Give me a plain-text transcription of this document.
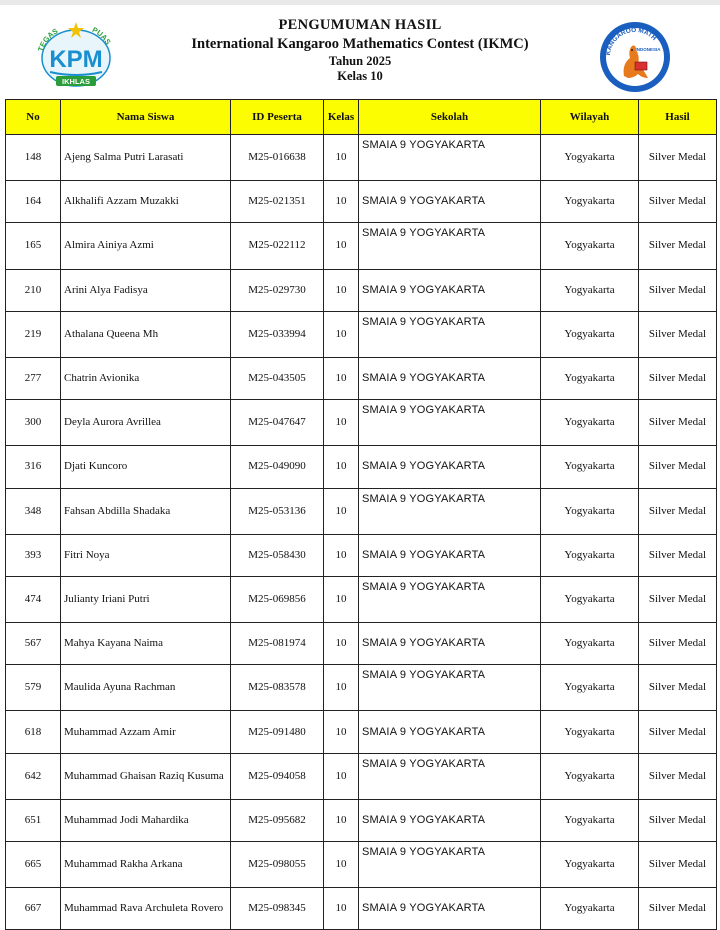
TEGAS	PUAS
KPM
IKHLAS
PENGUMUMAN HASIL
International Kangaroo Mathematics Contest (IKMC)
Tahun 2025
Kelas 10
KANGAROO MATH
INDONESIA
No	Nama Siswa	ID Peserta	Kelas	Sekolah	Wilayah	Hasil
148	Ajeng Salma Putri Larasati	M25-016638	10	SMAIA 9 YOGYAKARTA	Yogyakarta	Silver Medal
164	Alkhalifi Azzam Muzakki	M25-021351	10	SMAIA 9 YOGYAKARTA	Yogyakarta	Silver Medal
165	Almira Ainiya Azmi	M25-022112	10	SMAIA 9 YOGYAKARTA	Yogyakarta	Silver Medal
210	Arini Alya Fadisya	M25-029730	10	SMAIA 9 YOGYAKARTA	Yogyakarta	Silver Medal
219	Athalana Queena Mh	M25-033994	10	SMAIA 9 YOGYAKARTA	Yogyakarta	Silver Medal
277	Chatrin Avionika	M25-043505	10	SMAIA 9 YOGYAKARTA	Yogyakarta	Silver Medal
300	Deyla Aurora Avrillea	M25-047647	10	SMAIA 9 YOGYAKARTA	Yogyakarta	Silver Medal
316	Djati Kuncoro	M25-049090	10	SMAIA 9 YOGYAKARTA	Yogyakarta	Silver Medal
348	Fahsan Abdilla Shadaka	M25-053136	10	SMAIA 9 YOGYAKARTA	Yogyakarta	Silver Medal
393	Fitri Noya	M25-058430	10	SMAIA 9 YOGYAKARTA	Yogyakarta	Silver Medal
474	Julianty Iriani Putri	M25-069856	10	SMAIA 9 YOGYAKARTA	Yogyakarta	Silver Medal
567	Mahya Kayana Naima	M25-081974	10	SMAIA 9 YOGYAKARTA	Yogyakarta	Silver Medal
579	Maulida Ayuna Rachman	M25-083578	10	SMAIA 9 YOGYAKARTA	Yogyakarta	Silver Medal
618	Muhammad Azzam Amir	M25-091480	10	SMAIA 9 YOGYAKARTA	Yogyakarta	Silver Medal
642	Muhammad Ghaisan Raziq Kusuma	M25-094058	10	SMAIA 9 YOGYAKARTA	Yogyakarta	Silver Medal
651	Muhammad Jodi Mahardika	M25-095682	10	SMAIA 9 YOGYAKARTA	Yogyakarta	Silver Medal
665	Muhammad Rakha Arkana	M25-098055	10	SMAIA 9 YOGYAKARTA	Yogyakarta	Silver Medal
667	Muhammad Rava Archuleta Rovero	M25-098345	10	SMAIA 9 YOGYAKARTA	Yogyakarta	Silver Medal
